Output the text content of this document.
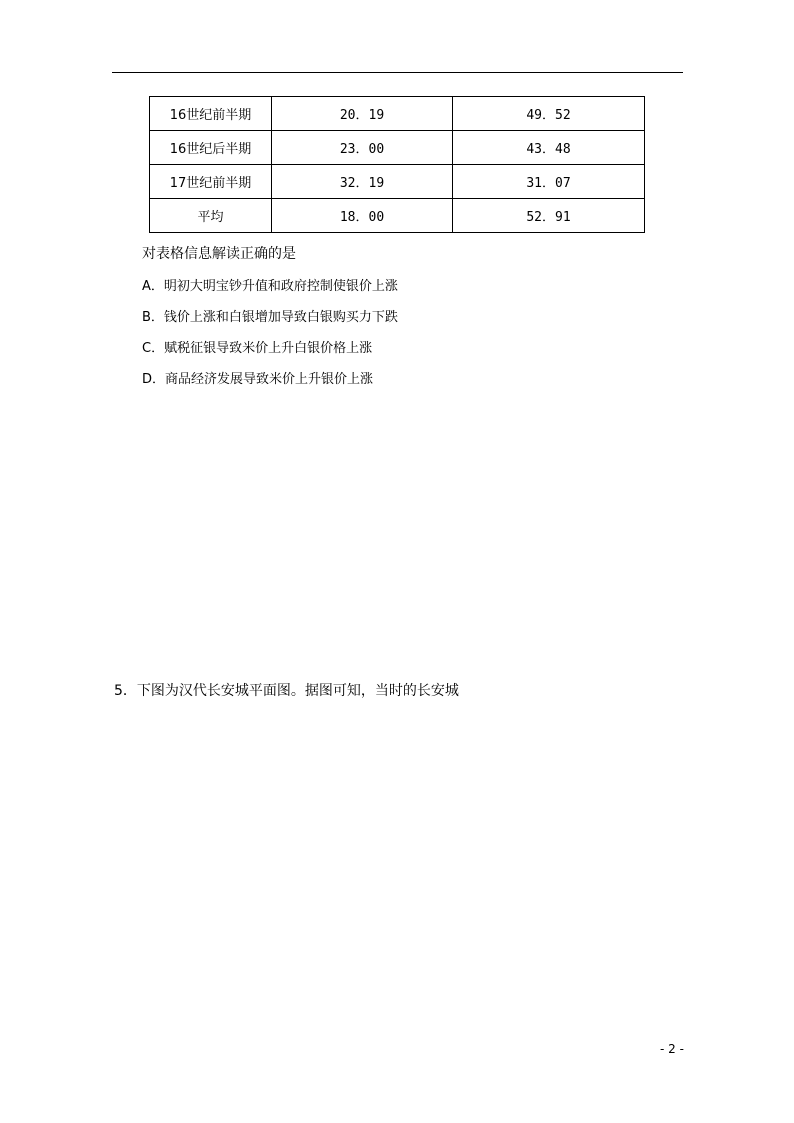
16世纪前半期	20．19	49．52
16世纪后半期	23．00	43．48
17世纪前半期	32．19	31．07
平均	18．00	52．91
对表格信息解读正确的是
A．明初大明宝钞升值和政府控制使银价上涨
B．钱价上涨和白银增加导致白银购买力下跌
C．赋税征银导致米价上升白银价格上涨
D．商品经济发展导致米价上升银价上涨
5．下图为汉代长安城平面图。据图可知，当时的长安城
- 2 -
